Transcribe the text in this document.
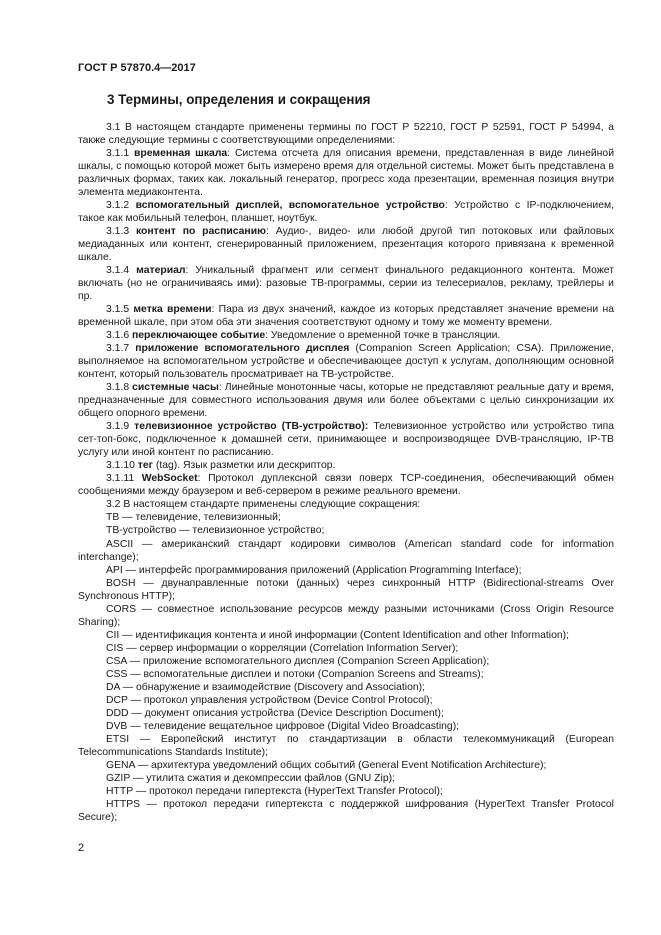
ГОСТ Р 57870.4—2017
3 Термины, определения и сокращения

3.1 В настоящем стандарте применены термины по ГОСТ Р 52210, ГОСТ Р 52591, ГОСТ Р 54994, а также следующие термины с соответствующими определениями:

3.1.1 временная шкала: Система отсчета для описания времени, представленная в виде линейной шкалы, с помощью которой может быть измерено время для отдельной системы. Может быть представлена в различных формах, таких как. локальный генератор, прогресс хода презентации, временная позиция внутри элемента медиаконтента.

3.1.2 вспомогательный дисплей, вспомогательное устройство: Устройство с IP-подключением, такое как мобильный телефон, планшет, ноутбук.

3.1.3 контент по расписанию: Аудио-, видео- или любой другой тип потоковых или файловых медиаданных или контент, сгенерированный приложением, презентация которого привязана к временной шкале.

3.1.4 материал: Уникальный фрагмент или сегмент финального редакционного контента. Может включать (но не ограничиваясь ими): разовые ТВ-программы, серии из телесериалов, рекламу, трейлеры и пр.

3.1.5 метка времени: Пара из двух значений, каждое из которых представляет значение времени на временной шкале, при этом оба эти значения соответствуют одному и тому же моменту времени.

3.1.6 переключающее событие: Уведомление о временной точке в трансляции.

3.1.7 приложение вспомогательного дисплея (Companion Screen Application; CSA). Приложение, выполняемое на вспомогательном устройстве и обеспечивающее доступ к услугам, дополняющим основной контент, который пользователь просматривает на ТВ-устройстве.

3.1.8 системные часы: Линейные монотонные часы, которые не представляют реальные дату и время, предназначенные для совместного использования двумя или более объектами с целью синхронизации их общего опорного времени.

3.1.9 телевизионное устройство (ТВ-устройство): Телевизионное устройство или устройство типа сет-топ-бокс, подключенное к домашней сети, принимающее и воспроизводящее DVB-трансляцию, IP-ТВ услугу или иной контент по расписанию.

3.1.10 тег (tag). Язык разметки или дескриптор.

3.1.11 WebSocket: Протокол дуплексной связи поверх TCP-соединения, обеспечивающий обмен сообщениями между браузером и веб-сервером в режиме реального времени.

3.2 В настоящем стандарте применены следующие сокращения:

ТВ — телевидение, телевизионный;

ТВ-устройство — телевизионное устройство;

ASCII — американский стандарт кодировки символов (American standard code for information interchange);

API — интерфейс программирования приложений (Application Programming Interface);

BOSH — двунаправленные потоки (данных) через синхронный HTTP (Bidirectional-streams Over Synchronous HTTP);

CORS — совместное использование ресурсов между разными источниками (Cross Origin Resource Sharing);

CII — идентификация контента и иной информации (Content Identification and other Information);

CIS — сервер информации о корреляции (Correlation Information Server);

CSA — приложение вспомогательного дисплея (Companion Screen Application);

CSS — вспомогательные дисплеи и потоки (Companion Screens and Streams);

DA — обнаружение и взаимодействие (Discovery and Association);

DCP — протокол управления устройством (Device Control Protocol);

DDD — документ описания устройства (Device Description Document);

DVB — телевидение вещательное цифровое (Digital Video Broadcasting);

ETSI — Европейский институт по стандартизации в области телекоммуникаций (European Telecommunications Standards Institute);

GENA — архитектура уведомлений общих событий (General Event Notification Architecture);

GZIP — утилита сжатия и декомпрессии файлов (GNU Zip);

HTTP — протокол передачи гипертекста (HyperText Transfer Protocol);

HTTPS — протокол передачи гипертекста с поддержкой шифрования (HyperText Transfer Protocol Secure);

2
